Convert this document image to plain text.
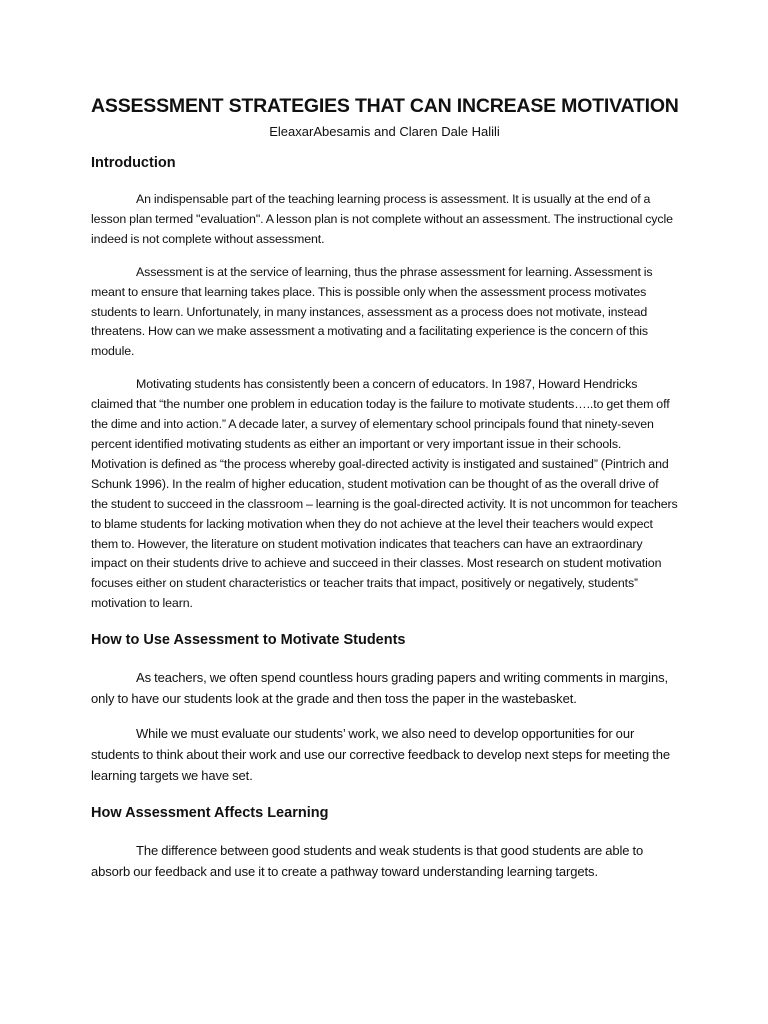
ASSESSMENT STRATEGIES THAT CAN INCREASE MOTIVATION

EleaxarAbesamis and Claren Dale Halili

Introduction

An indispensable part of the teaching learning process is assessment. It is usually at the end of a lesson plan termed "evaluation". A lesson plan is not complete without an assessment. The instructional cycle indeed is not complete without assessment.

Assessment is at the service of learning, thus the phrase assessment for learning. Assessment is meant to ensure that learning takes place. This is possible only when the assessment process motivates students to learn. Unfortunately, in many instances, assessment as a process does not motivate, instead threatens. How can we make assessment a motivating and a facilitating experience is the concern of this module.

Motivating students has consistently been a concern of educators. In 1987, Howard Hendricks claimed that “the number one problem in education today is the failure to motivate students…..to get them off the dime and into action.” A decade later, a survey of elementary school principals found that ninety-seven percent identified motivating students as either an important or very important issue in their schools. Motivation is defined as “the process whereby goal-directed activity is instigated and sustained” (Pintrich and Schunk 1996). In the realm of higher education, student motivation can be thought of as the overall drive of the student to succeed in the classroom – learning is the goal-directed activity. It is not uncommon for teachers to blame students for lacking motivation when they do not achieve at the level their teachers would expect them to. However, the literature on student motivation indicates that teachers can have an extraordinary impact on their students drive to achieve and succeed in their classes. Most research on student motivation focuses either on student characteristics or teacher traits that impact, positively or negatively, students‟ motivation to learn.

How to Use Assessment to Motivate Students

As teachers, we often spend countless hours grading papers and writing comments in margins, only to have our students look at the grade and then toss the paper in the wastebasket.

While we must evaluate our students’ work, we also need to develop opportunities for our students to think about their work and use our corrective feedback to develop next steps for meeting the learning targets we have set.

How Assessment Affects Learning

The difference between good students and weak students is that good students are able to absorb our feedback and use it to create a pathway toward understanding learning targets.
